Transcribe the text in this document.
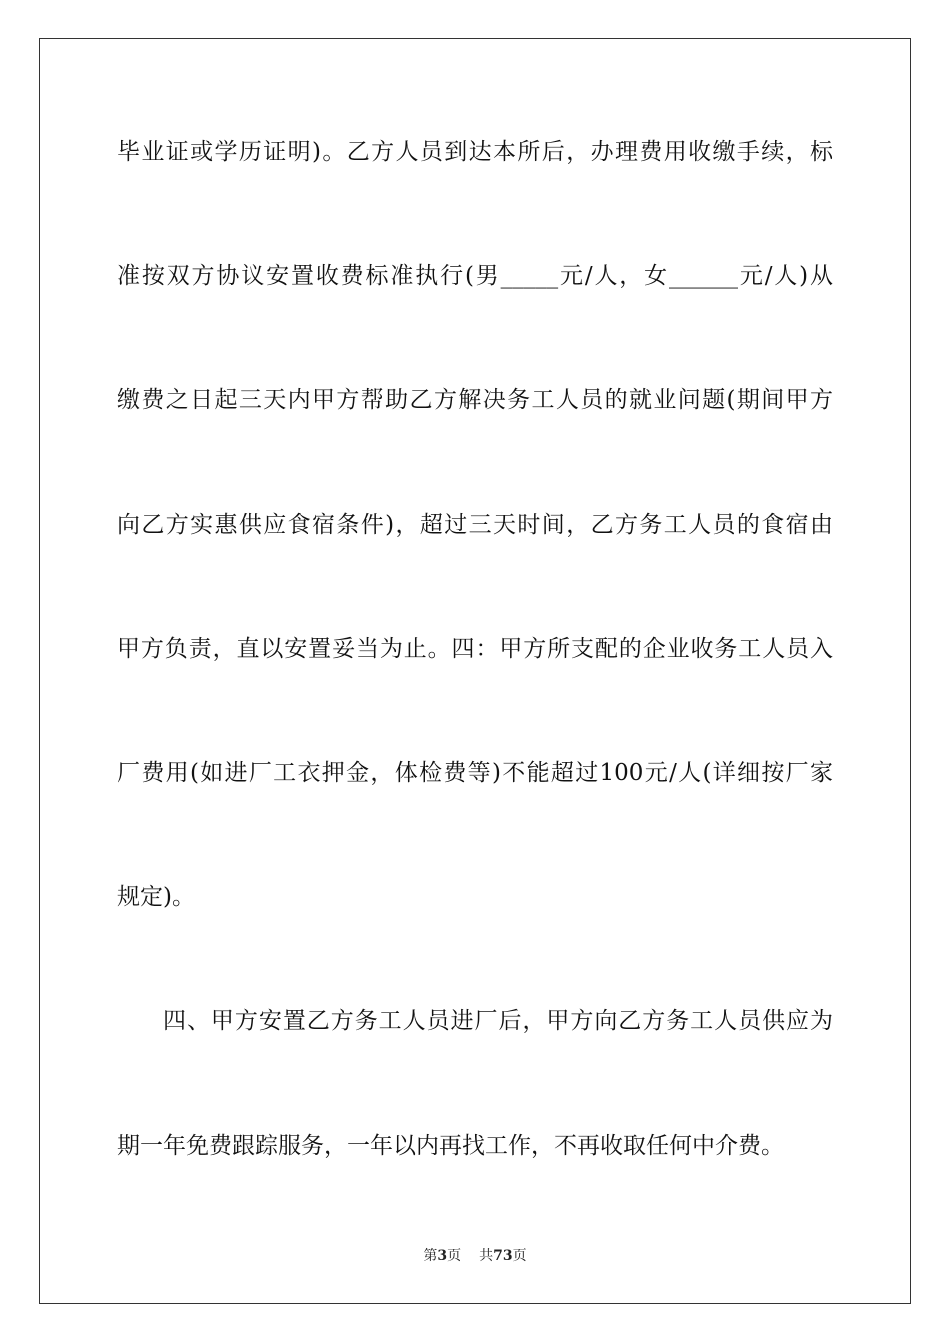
毕业证或学历证明)。乙方人员到达本所后，办理费用收缴手续，标
准按双方协议安置收费标准执行(男_____元/人，女______元/人)从
缴费之日起三天内甲方帮助乙方解决务工人员的就业问题(期间甲方
向乙方实惠供应食宿条件)，超过三天时间，乙方务工人员的食宿由
甲方负责，直以安置妥当为止。四：甲方所支配的企业收务工人员入
厂费用(如进厂工衣押金，体检费等)不能超过100元/人(详细按厂家
规定)。
四、甲方安置乙方务工人员进厂后，甲方向乙方务工人员供应为
期一年免费跟踪服务，一年以内再找工作，不再收取任何中介费。
第3页 共73页
